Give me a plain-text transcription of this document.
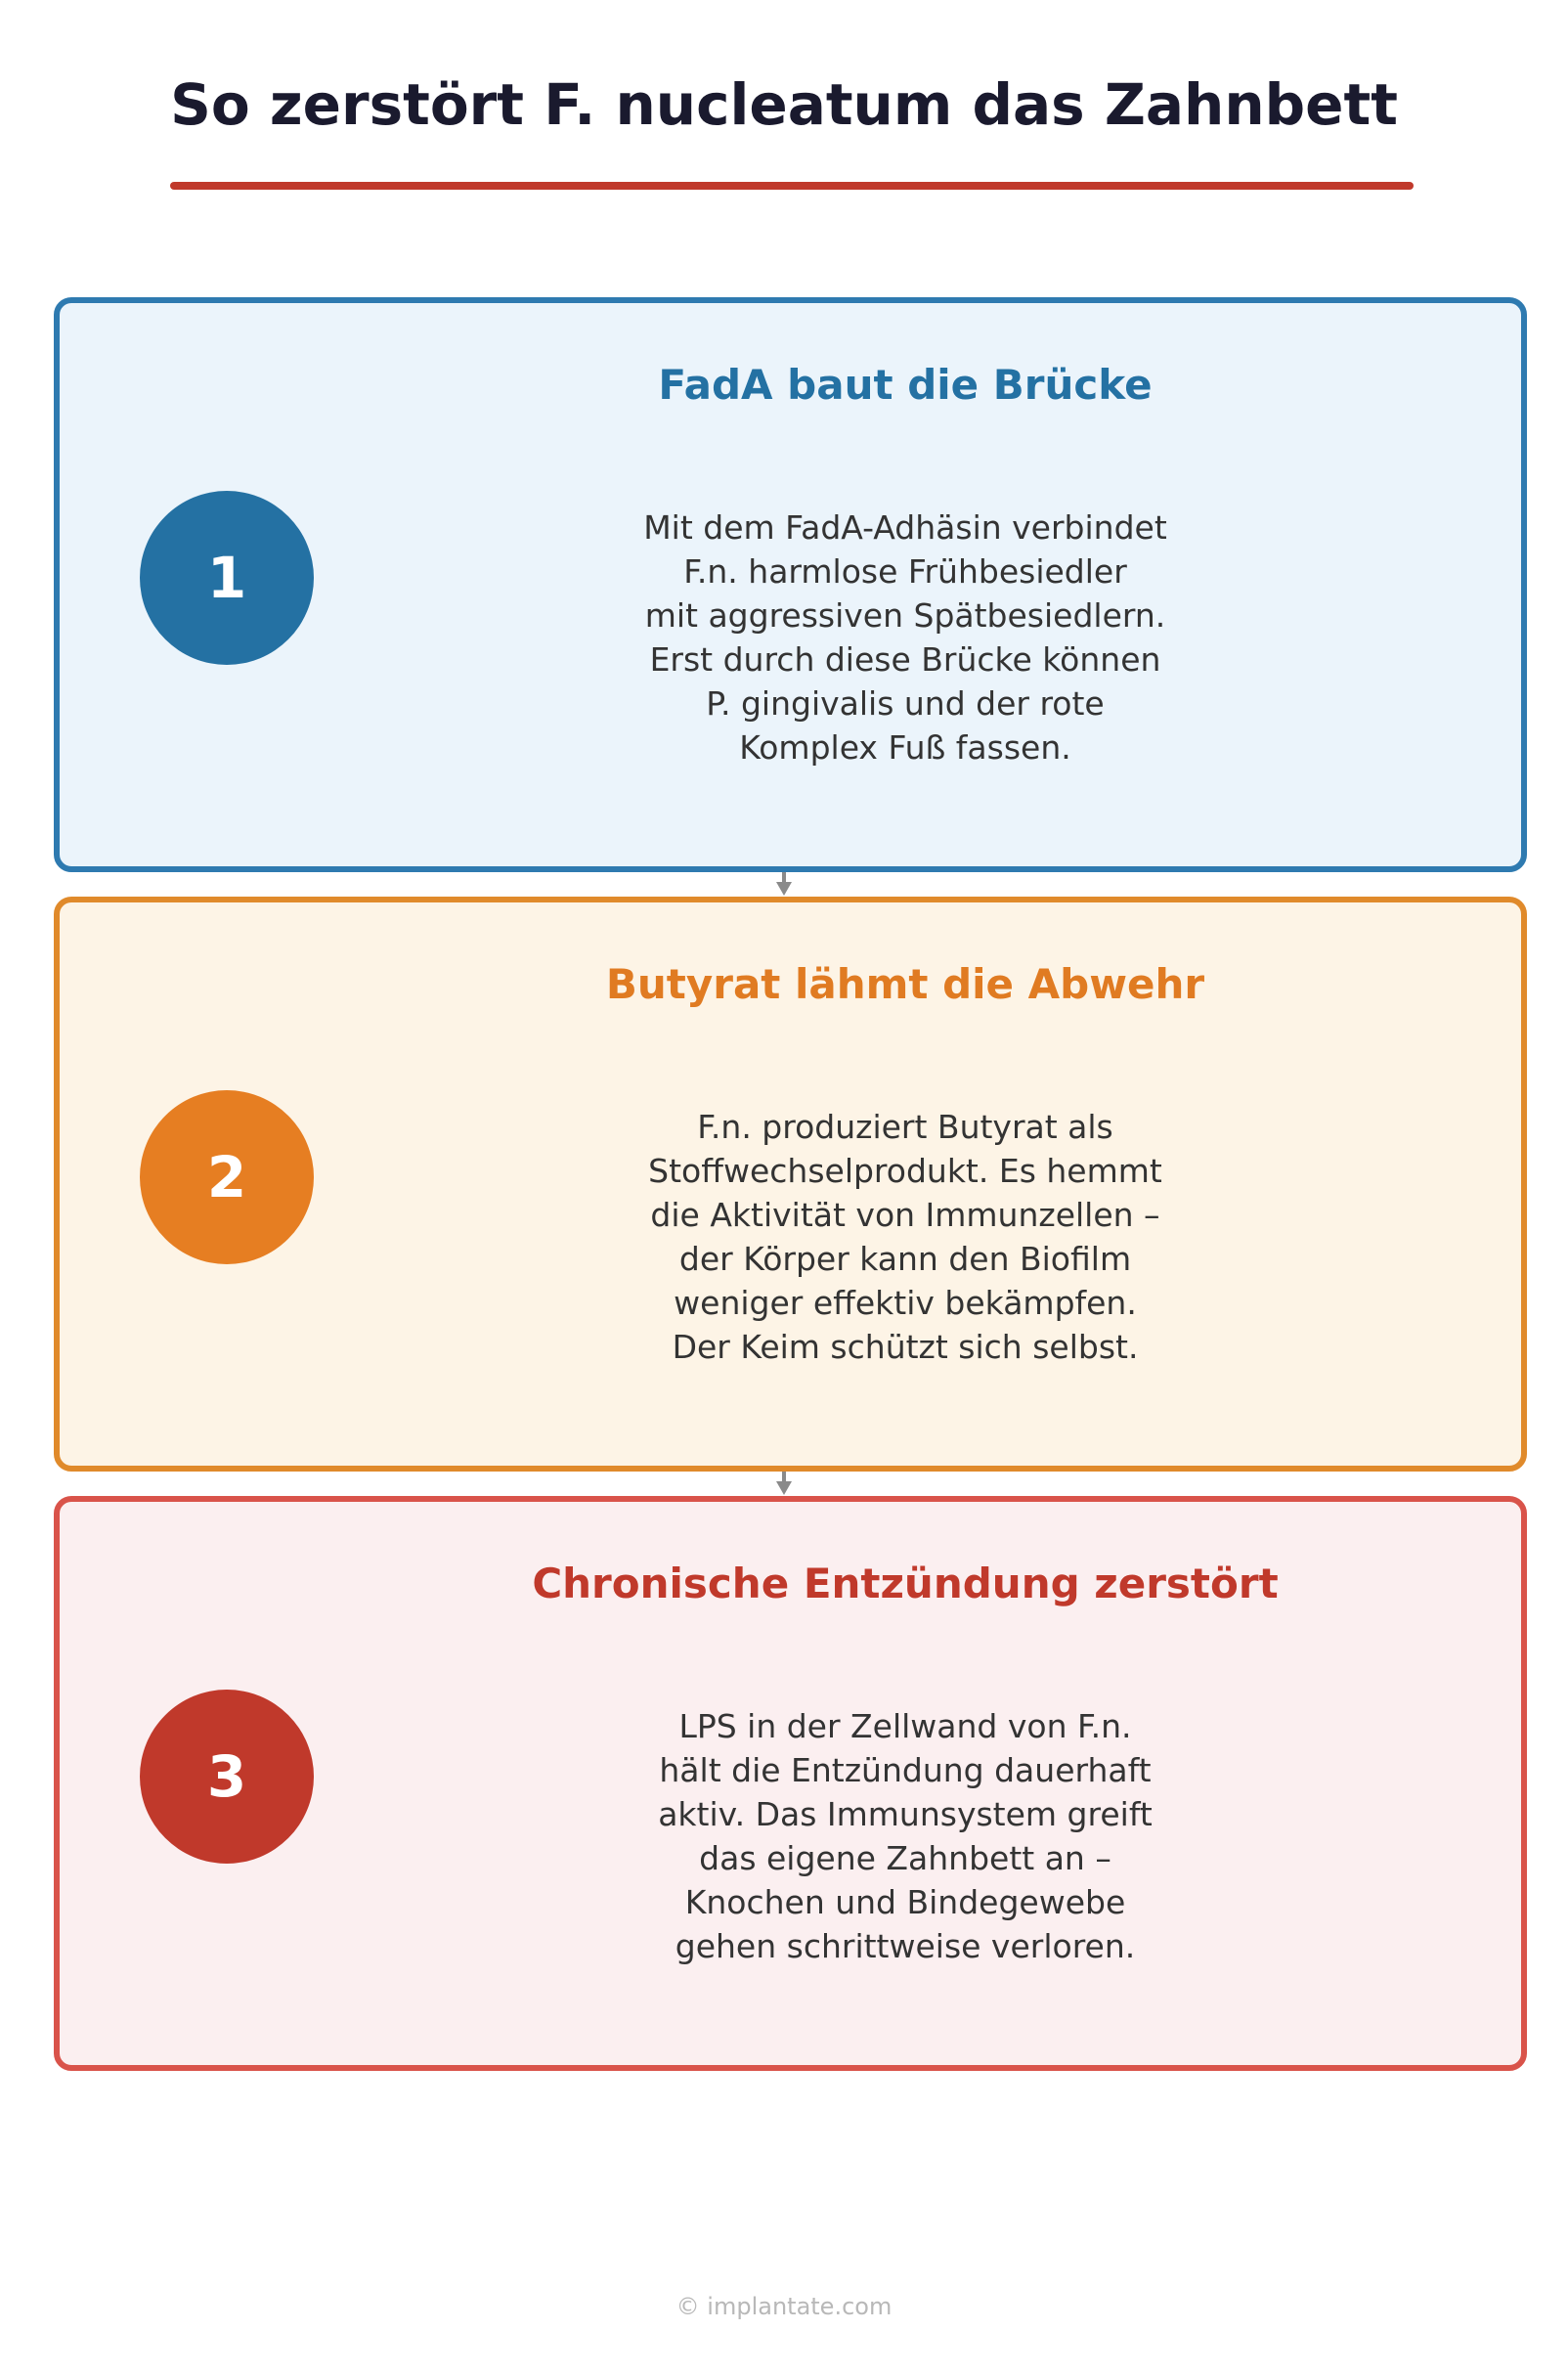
So zerstört F. nucleatum das Zahnbett
1
FadA baut die Brücke
Mit dem FadA-Adhäsin verbindet
F.n. harmlose Frühbesiedler
mit aggressiven Spätbesiedlern.
Erst durch diese Brücke können
P. gingivalis und der rote
Komplex Fuß fassen.
2
Butyrat lähmt die Abwehr
F.n. produziert Butyrat als
Stoffwechselprodukt. Es hemmt
die Aktivität von Immunzellen –
der Körper kann den Biofilm
weniger effektiv bekämpfen.
Der Keim schützt sich selbst.
3
Chronische Entzündung zerstört
LPS in der Zellwand von F.n.
hält die Entzündung dauerhaft
aktiv. Das Immunsystem greift
das eigene Zahnbett an –
Knochen und Bindegewebe
gehen schrittweise verloren.
© implantate.com
